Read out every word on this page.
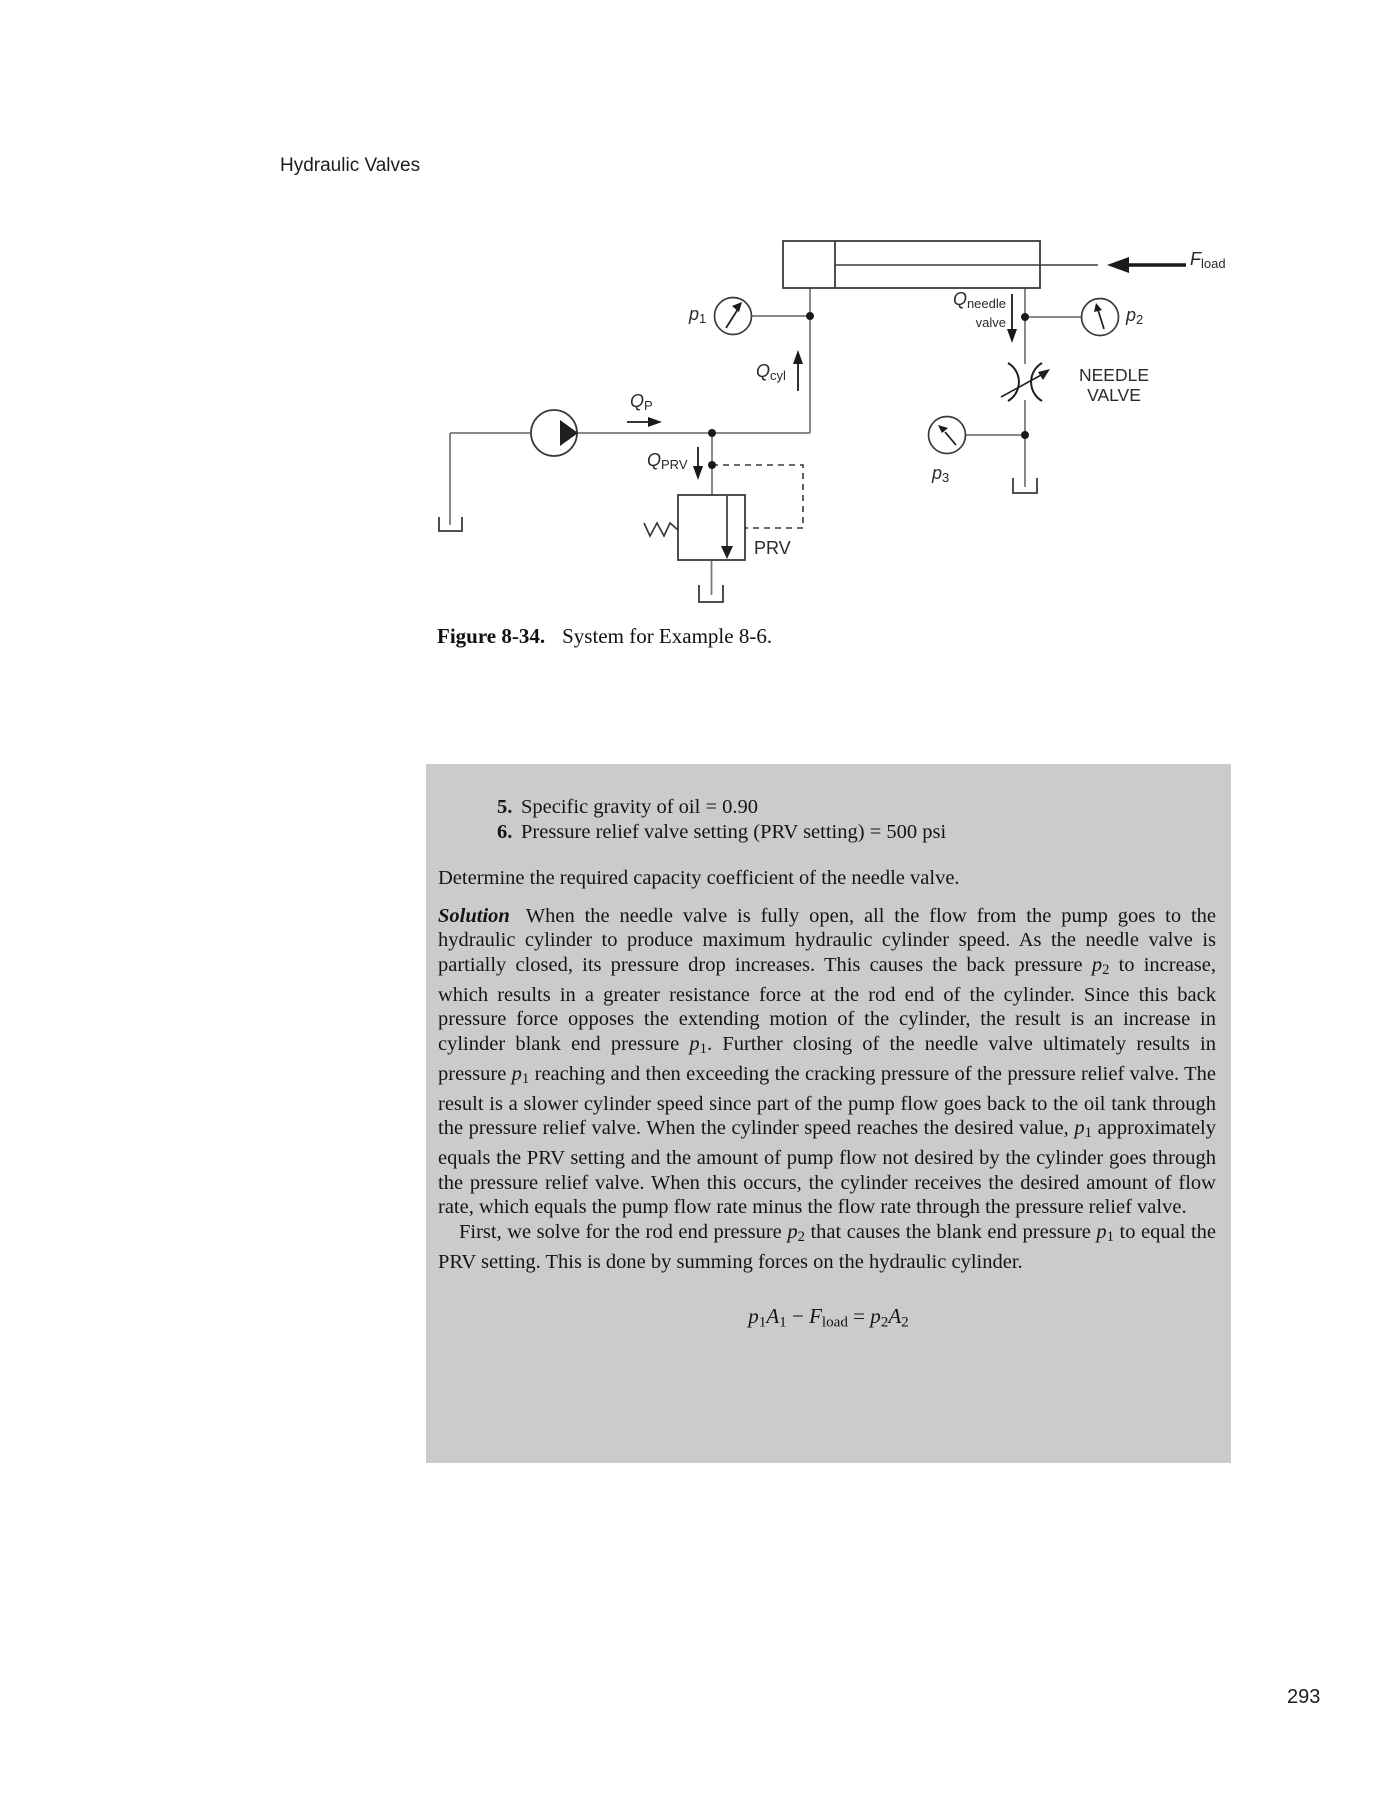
Hydraulic Valves
$p_1$	$p_2$
$p_3$
$Q_{cyl}$
$Q_P$
$Q_{PRV}$
$F_{load}$
$Q_{needle}$
$_{valve}$
NEEDLE
VALVE
PRV
Figure 8-34. System for Example 8-6.
5. Specific gravity of oil = 0.90
6. Pressure relief valve setting (PRV setting) = 500 psi
Determine the required capacity coefficient of the needle valve.
Solution When the needle valve is fully open, all the flow from the pump goes to the hydraulic cylinder to produce maximum hydraulic cylinder speed. As the needle valve is partially closed, its pressure drop increases. This causes the back pressure $p_2$ to increase, which results in a greater resistance force at the rod end of the cylinder. Since this back pressure force opposes the extending motion of the cylinder, the result is an increase in cylinder blank end pressure $p_1$. Further closing of the needle valve ultimately results in pressure $p_1$ reaching and then exceeding the cracking pressure of the pressure relief valve. The result is a slower cylinder speed since part of the pump flow goes back to the oil tank through the pressure relief valve. When the cylinder speed reaches the desired value, $p_1$ approximately equals the PRV setting and the amount of pump flow not desired by the cylinder goes through the pressure relief valve. When this occurs, the cylinder receives the desired amount of flow rate, which equals the pump flow rate minus the flow rate through the pressure relief valve.
First, we solve for the rod end pressure $p_2$ that causes the blank end pressure $p_1$ to equal the PRV setting. This is done by summing forces on the hydraulic cylinder.
$p_1A_1 - F_{load} = p_2A_2$
293
